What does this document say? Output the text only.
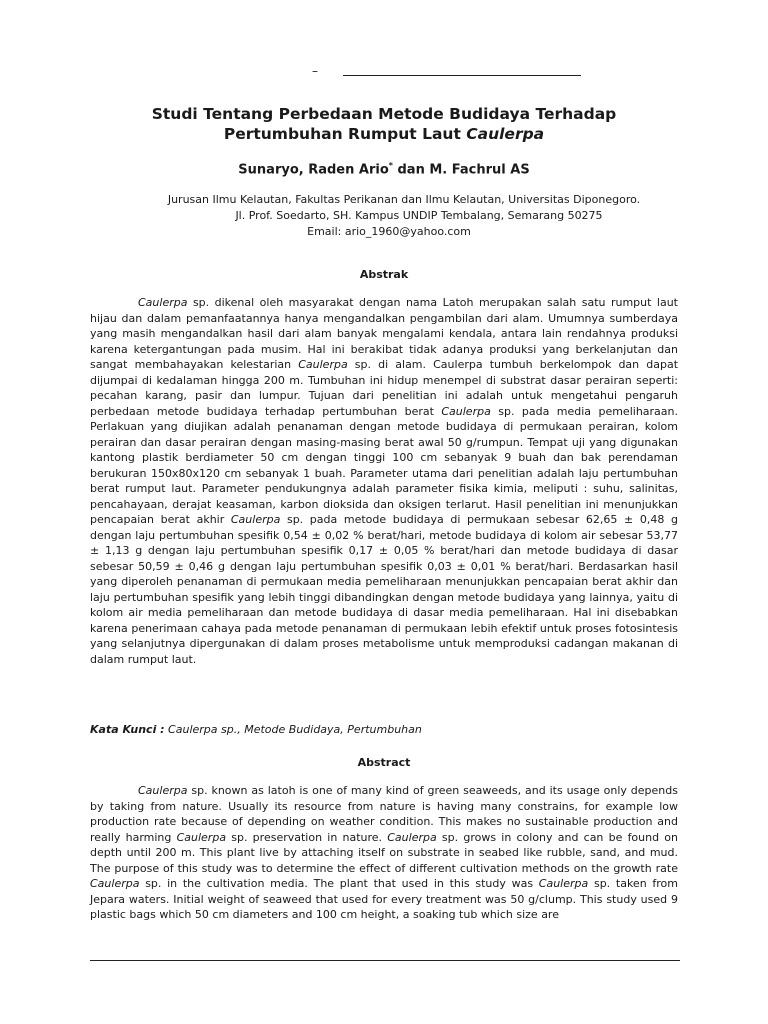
–
Studi Tentang Perbedaan Metode Budidaya Terhadap
Pertumbuhan Rumput Laut Caulerpa

Sunaryo, Raden Ario* dan M. Fachrul AS

Jurusan Ilmu Kelautan, Fakultas Perikanan dan Ilmu Kelautan, Universitas Diponegoro.
Jl. Prof. Soedarto, SH. Kampus UNDIP Tembalang, Semarang 50275
Email: ario_1960@yahoo.com

Abstrak

Caulerpa sp. dikenal oleh masyarakat dengan nama Latoh merupakan salah satu rumput laut hijau dan dalam pemanfaatannya hanya mengandalkan pengambilan dari alam. Umumnya sumberdaya yang masih mengandalkan hasil dari alam banyak mengalami kendala, antara lain rendahnya produksi karena ketergantungan pada musim. Hal ini berakibat tidak adanya produksi yang berkelanjutan dan sangat membahayakan kelestarian Caulerpa sp. di alam. Caulerpa tumbuh berkelompok dan dapat dijumpai di kedalaman hingga 200 m. Tumbuhan ini hidup menempel di substrat dasar perairan seperti: pecahan karang, pasir dan lumpur. Tujuan dari penelitian ini adalah untuk mengetahui pengaruh perbedaan metode budidaya terhadap pertumbuhan berat Caulerpa sp. pada media pemeliharaan. Perlakuan yang diujikan adalah penanaman dengan metode budidaya di permukaan perairan, kolom perairan dan dasar perairan dengan masing-masing berat awal 50 g/rumpun. Tempat uji yang digunakan kantong plastik berdiameter 50 cm dengan tinggi 100 cm sebanyak 9 buah dan bak perendaman berukuran 150x80x120 cm sebanyak 1 buah. Parameter utama dari penelitian adalah laju pertumbuhan berat rumput laut. Parameter pendukungnya adalah parameter fisika kimia, meliputi : suhu, salinitas, pencahayaan, derajat keasaman, karbon dioksida dan oksigen terlarut. Hasil penelitian ini menunjukkan pencapaian berat akhir Caulerpa sp. pada metode budidaya di permukaan sebesar 62,65 ± 0,48 g dengan laju pertumbuhan spesifik 0,54 ± 0,02 % berat/hari, metode budidaya di kolom air sebesar 53,77 ± 1,13 g dengan laju pertumbuhan spesifik 0,17 ± 0,05 % berat/hari dan metode budidaya di dasar sebesar 50,59 ± 0,46 g dengan laju pertumbuhan spesifik 0,03 ± 0,01 % berat/hari. Berdasarkan hasil yang diperoleh penanaman di permukaan media pemeliharaan menunjukkan pencapaian berat akhir dan laju pertumbuhan spesifik yang lebih tinggi dibandingkan dengan metode budidaya yang lainnya, yaitu di kolom air media pemeliharaan dan metode budidaya di dasar media pemeliharaan. Hal ini disebabkan karena penerimaan cahaya pada metode penanaman di permukaan lebih efektif untuk proses fotosintesis yang selanjutnya dipergunakan di dalam proses metabolisme untuk memproduksi cadangan makanan di dalam rumput laut.

Kata Kunci : Caulerpa sp., Metode Budidaya, Pertumbuhan

Abstract

Caulerpa sp. known as latoh is one of many kind of green seaweeds, and its usage only depends by taking from nature. Usually its resource from nature is having many constrains, for example low production rate because of depending on weather condition. This makes no sustainable production and really harming Caulerpa sp. preservation in nature. Caulerpa sp. grows in colony and can be found on depth until 200 m. This plant live by attaching itself on substrate in seabed like rubble, sand, and mud. The purpose of this study was to determine the effect of different cultivation methods on the growth rate Caulerpa sp. in the cultivation media. The plant that used in this study was Caulerpa sp. taken from Jepara waters. Initial weight of seaweed that used for every treatment was 50 g/clump. This study used 9 plastic bags which 50 cm diameters and 100 cm height, a soaking tub which size are
